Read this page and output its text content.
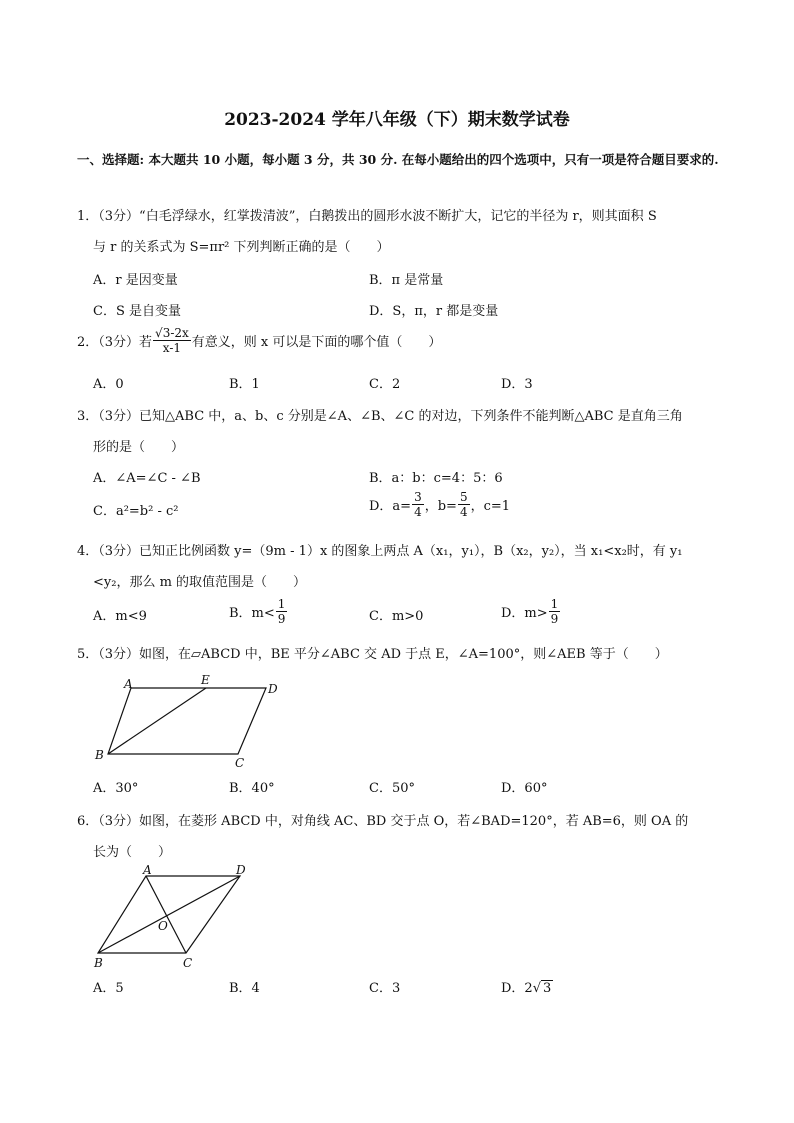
2023-2024 学年八年级（下）期末数学试卷
一、选择题: 本大题共 10 小题，每小题 3 分，共 30 分. 在每小题给出的四个选项中，只有一项是符合题目要求的.
1．（3分）“白毛浮绿水，红掌拨清波”，白鹅拨出的圆形水波不断扩大，记它的半径为 r，则其面积 S
与 r 的关系式为 S=πr² 下列判断正确的是（　　）
A．r 是因变量	B．π 是常量
C．S 是自变量	D．S，π，r 都是变量
2．（3分）若 $\frac{√3-2x}{x-1}$ 有意义，则 x 可以是下面的哪个值（　　）
A．0	B．1	C．2	D．3
3．（3分）已知△ABC 中，a、b、c 分别是∠A、∠B、∠C 的对边，下列条件不能判断△ABC 是直角三角
形的是（　　）
A．∠A=∠C - ∠B	B．a：b：c=4：5：6
C．a²=b² - c²	D．$a= \frac{3}{4}$ ，$b= \frac{5}{4}$ ，c=1
4．（3分）已知正比例函数 y=（9m - 1）x 的图象上两点 A（x₁，y₁），B（x₂，y₂），当 x₁<x₂时，有 y₁
<y₂，那么 m 的取值范围是（　　）
A．m<9	B．$m< \frac{1}{9}$	C．m>0	D．$m> \frac{1}{9}$
5．（3分）如图，在▱ABCD 中，BE 平分∠ABC 交 AD 于点 E，∠A=100°，则∠AEB 等于（　　）
A	E
D
B
C
A．30°	B．40°	C．50°	D．60°
6．（3分）如图，在菱形 ABCD 中，对角线 AC、BD 交于点 O，若∠BAD=120°，若 AB=6，则 OA 的
长为（　　）
A	D
O
B	C
A．5	B．4	C．3	D．2√ 3
